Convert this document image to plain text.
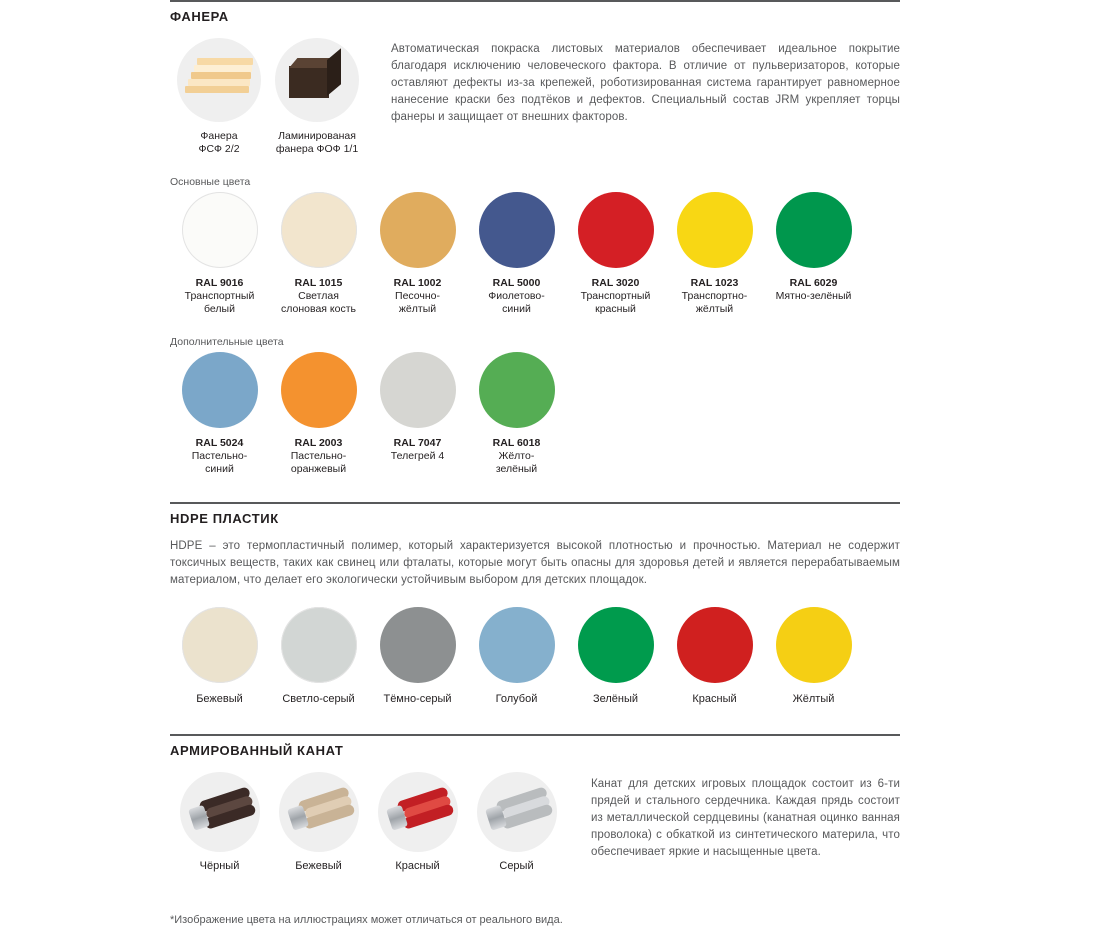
ФАНЕРА
Фанера
ФСФ 2/2
Ламинированая
фанера ФОФ 1/1
Автоматическая покраска листовых материалов обеспечивает идеальное покрытие благодаря исключению человеческого фактора. В отличие от пульверизаторов, которые оставляют дефекты из-за крепежей, роботизированная система гарантирует равномерное нанесение краски без подтёков и дефектов. Специальный состав JRM укрепляет торцы фанеры и защищает от внешних факторов.
Основные цвета
RAL 9016
Транспортный
белый
RAL 1015
Светлая
слоновая кость
RAL 1002
Песочно-
жёлтый
RAL 5000
Фиолетово-
синий
RAL 3020
Транспортный
красный
RAL 1023
Транспортно-
жёлтый
RAL 6029
Мятно-зелёный
Дополнительные цвета
RAL 5024
Пастельно-
синий
RAL 2003
Пастельно-
оранжевый
RAL 7047
Телегрей 4
RAL 6018
Жёлто-
зелёный
HDPE ПЛАСТИК
HDPE – это термопластичный полимер, который характеризуется высокой плотностью и прочностью. Материал не содержит токсичных веществ, таких как свинец или фталаты, которые могут быть опасны для здоровья детей и является перерабатываемым материалом, что делает его экологически устойчивым выбором для детских площадок.
Бежевый	Светло-серый	Тёмно-серый	Голубой	Зелёный	Красный	Жёлтый
АРМИРОВАННЫЙ КАНАТ
Чёрный	Бежевый	Красный	Серый
Канат для детских игровых площадок состоит из 6-ти прядей и стального сердечника. Каждая прядь состоит из металлической сердцевины (канатная оцинко ванная проволока) с обкаткой из синтетического материла, что обеспечивает яркие и насыщенные цвета.
*Изображение цвета на иллюстрациях может отличаться от реального вида.
